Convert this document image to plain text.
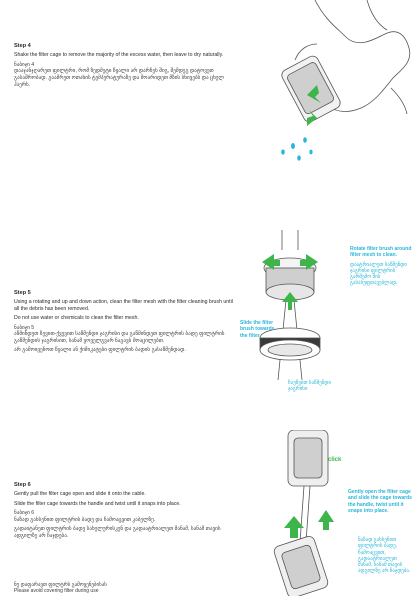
Step 4

Shake the filter cage to remove the majority of the excess water, then leave to dry naturally.

ნაბიჯი 4

დააჯანჯღარეთ ფილტრი, რომ ზედმეტი წყალი არ დარჩეს შიგ, შემდეგ დატოვეთ გასაშრობად. გაამრეთ ოთახის ტემპერატურაზე და მოარიდეთ მზის სხივებს და ცხელ ჰაერს.

Step 5

Using a rotating and up and down action, clean the filter mesh with the filter cleaning brush until all the debris has been removed.

Do not use water or chemicals to clean the filter mesh.

ნაბიჯი 5

აწმინდეთ ზევით-ქვევით საწმენდი ჯაგრისი და გაწმინდეთ ფილტრის ბადე ფილტრის გაწმენდის ჯაგრისით, სანამ ყოველგვარ ნაგავს მოაცილებთ.

არ გამოიყენოთ წყალი ან ქიმიკატები ფილტრის ბადის გასაწმენდად.

Rotate filter brush around filter mesh to clean.

დაატრიალეთ საწმენდი ჯაგრისი ფილტრის გარშემო მის გასასუფთავებლად.

Slide the filter brush towards the filter.

ჩაუშვით საწმენდი ჯაგრისი

Step 6

Gently pull the filter cage open and slide it onto the cable.

Slide the filter cage towards the handle and twist until it snaps into place.

ნაბიჯი 6

ნაზად გახსენით ფილტრის ბადე და ჩამოაცვით კაბელზე.

გადაიტანეთ ფილტრის ბადე სახელურისკენ და გადაატრიალეთ მანამ, სანამ თავის ადგილზე არ ჩაჯდება.

click

Gently open the filter cage and slide the cage towards the handle, twist until it snaps into place.

ნაზად გახსენით ფილტრის ბადე, ჩამოაცვით, გადაატრიალეთ მანამ, სანამ თავის ადგილზე არ ჩაჯდება.

ნუ დაფარავთ ფილტრს გამოყენებისას
Please avoid covering filter during use
